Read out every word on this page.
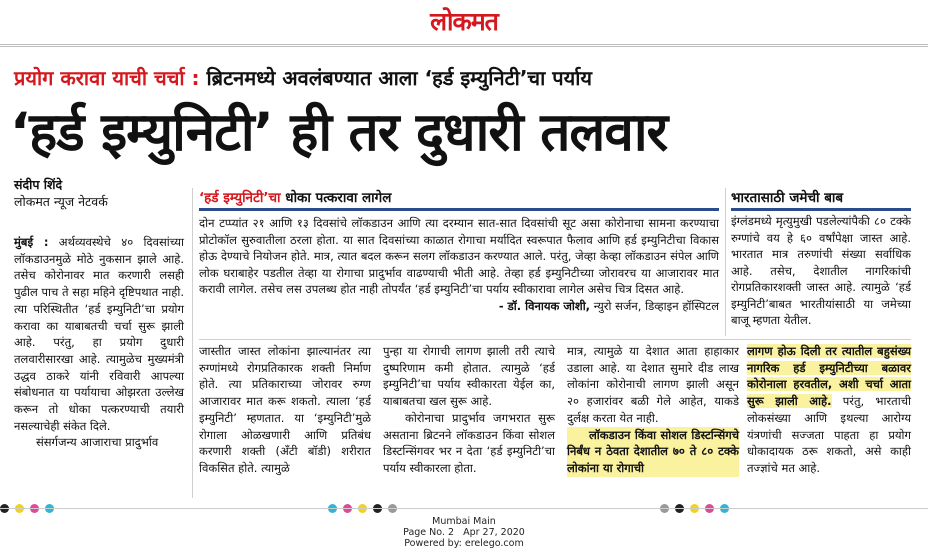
लोकमत
प्रयोग करावा याची चर्चा : ब्रिटनमध्ये अवलंबण्यात आला ‘हर्ड इम्युनिटी’चा पर्याय
‘हर्ड इम्युनिटी’ ही तर दुधारी तलवार
संदीप शिंदे
लोकमत न्यूज नेटवर्क
मुंबई : अर्थव्यवस्थेचे ४० दिवसांच्या लॉकडाउनमुळे मोठे नुकसान झाले आहे. तसेच कोरोनावर मात करणारी लसही पुढील पाच ते सहा महिने दृष्टिपथात नाही. त्या परिस्थितीत ‘हर्ड इम्युनिटी’चा प्रयोग करावा का याबाबतची चर्चा सुरू झाली आहे. परंतु, हा प्रयोग दुधारी तलवारीसारखा आहे. त्यामुळेच मुख्यमंत्री उद्धव ठाकरे यांनी रविवारी आपल्या संबोधनात या पर्यायाचा ओझरता उल्लेख करून तो धोका पत्करण्याची तयारी नसल्याचेही संकेत दिले.
संसर्गजन्य आजाराचा प्रादुर्भाव
‘हर्ड इम्युनिटी’चा धोका पत्करावा लागेल
दोन टप्प्यांत २१ आणि १३ दिवसांचे लॉकडाउन आणि त्या दरम्यान सात-सात दिवसांची सूट असा कोरोनाचा सामना करण्याचा प्रोटोकॉल सुरुवातीला ठरला होता. या सात दिवसांच्या काळात रोगाचा मर्यादित स्वरूपात फैलाव आणि हर्ड इम्युनिटीचा विकास होऊ देण्याचे नियोजन होते. मात्र, त्यात बदल करून सलग लॉकडाउन करण्यात आले. परंतु, जेव्हा केव्हा लॉकडाउन संपेल आणि लोक घराबाहेर पडतील तेव्हा या रोगाचा प्रादुर्भाव वाढण्याची भीती आहे. तेव्हा हर्ड इम्युनिटीच्या जोरावरच या आजारावर मात करावी लागेल. तसेच लस उपलब्ध होत नाही तोपर्यंत ‘हर्ड इम्युनिटी’चा पर्याय स्वीकारावा लागेल असेच चित्र दिसत आहे.
- डॉ. विनायक जोशी, न्युरो सर्जन, डिव्हाइन हॉस्पिटल
भारतासाठी जमेची बाब
इंग्लंडमध्ये मृत्युमुखी पडलेल्यांपैकी ८० टक्के रुग्णांचे वय हे ६० वर्षांपेक्षा जास्त आहे. भारतात मात्र तरुणांची संख्या सर्वाधिक आहे. तसेच, देशातील नागरिकांची रोगप्रतिकारशक्ती जास्त आहे. त्यामुळे ‘हर्ड इम्युनिटी’बाबत भारतीयांसाठी या जमेच्या बाजू म्हणता येतील.
जास्तीत जास्त लोकांना झाल्यानंतर त्या रुग्णांमध्ये रोगप्रतिकारक शक्ती निर्माण होते. त्या प्रतिकाराच्या जोरावर रुग्ण आजारावर मात करू शकतो. त्याला ‘हर्ड इम्युनिटी’ म्हणतात. या ‘इम्युनिटी’मुळे रोगाला ओळखणारी आणि प्रतिबंध करणारी शक्ती (अँटी बॉडी) शरीरात विकसित होते. त्यामुळे
पुन्हा या रोगाची लागण झाली तरी त्याचे दुष्परिणाम कमी होतात. त्यामुळे ‘हर्ड इम्युनिटी’चा पर्याय स्वीकारता येईल का, याबाबतचा खल सुरू आहे.
कोरोनाचा प्रादुर्भाव जगभरात सुरू असताना ब्रिटनने लॉकडाउन किंवा सोशल डिस्टन्सिंगवर भर न देता ‘हर्ड इम्युनिटी’चा पर्याय स्वीकारला होता.
मात्र, त्यामुळे या देशात आता हाहाकार उडाला आहे. या देशात सुमारे दीड लाख लोकांना कोरोनाची लागण झाली असून २० हजारांवर बळी गेले आहेत, याकडे दुर्लक्ष करता येत नाही.
लॉकडाउन किंवा सोशल डिस्टन्सिंगचे निर्बंध न ठेवता देशातील ७० ते ८० टक्के लोकांना या रोगाची
लागण होऊ दिली तर त्यातील बहुसंख्य नागरिक हर्ड इम्युनिटीच्या बळावर कोरोनाला हरवतील, अशी चर्चा आता सुरू झाली आहे. परंतु, भारताची लोकसंख्या आणि इथल्या आरोग्य यंत्रणांची सज्जता पाहता हा प्रयोग धोकादायक ठरू शकतो, असे काही तज्ज्ञांचे मत आहे.
Mumbai Main
Page No. 2 Apr 27, 2020
Powered by: erelego.com
